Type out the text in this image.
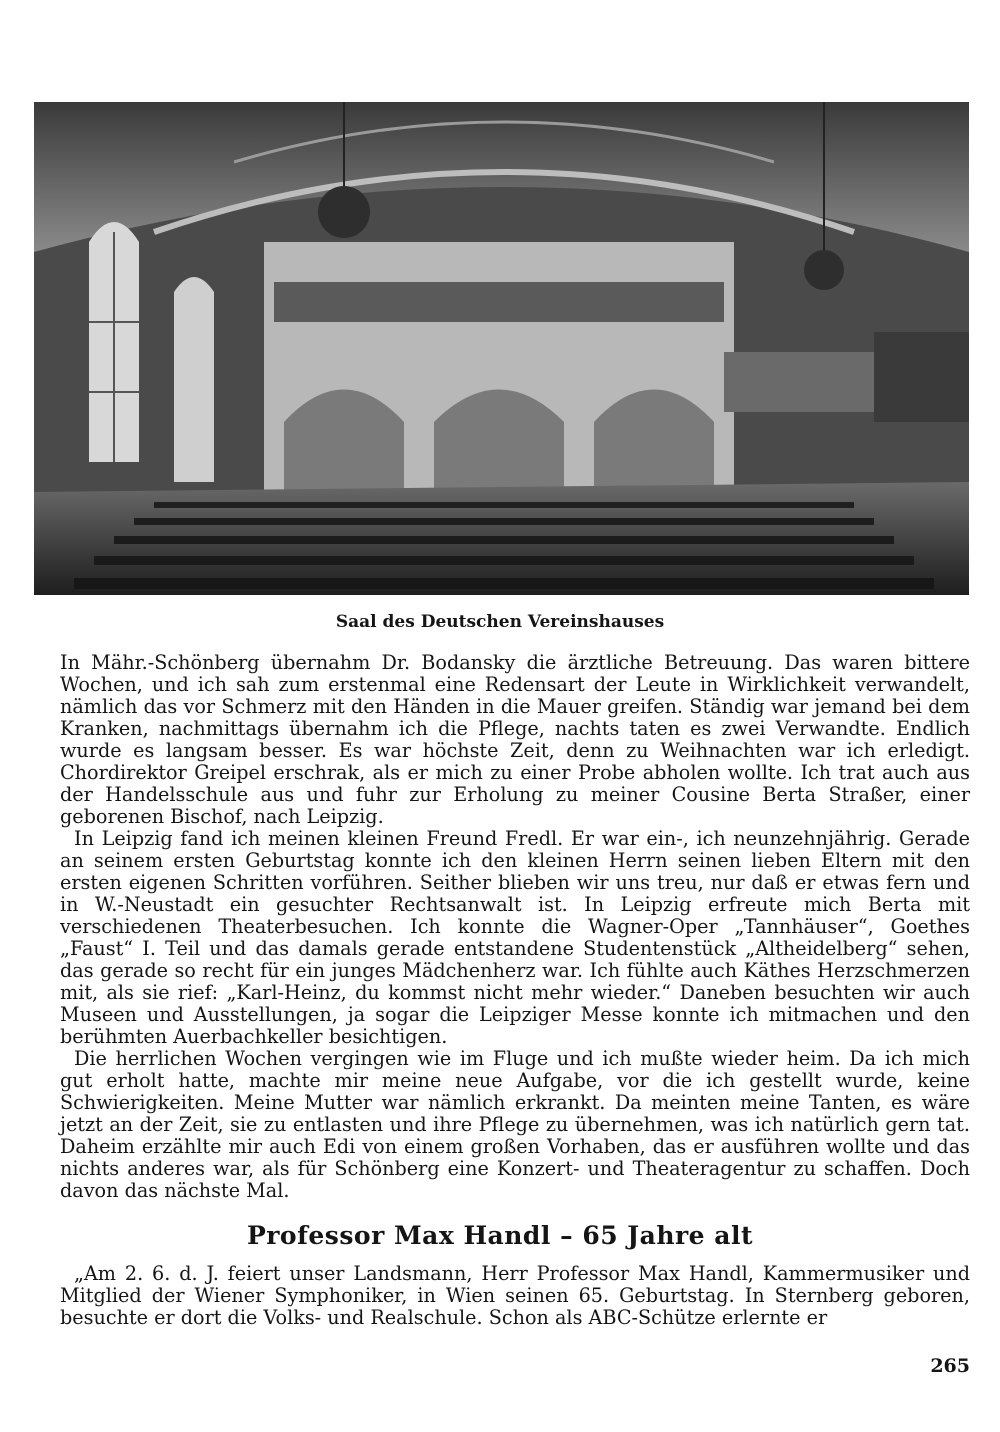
Saal des Deutschen Vereinshauses

In Mähr.-Schönberg übernahm Dr. Bodansky die ärztliche Betreuung. Das waren bittere Wochen, und ich sah zum erstenmal eine Redensart der Leute in Wirklichkeit verwandelt, nämlich das vor Schmerz mit den Händen in die Mauer greifen. Ständig war jemand bei dem Kranken, nachmittags übernahm ich die Pflege, nachts taten es zwei Verwandte. Endlich wurde es langsam besser. Es war höchste Zeit, denn zu Weihnachten war ich erledigt. Chordirektor Greipel erschrak, als er mich zu einer Probe abholen wollte. Ich trat auch aus der Handelsschule aus und fuhr zur Erholung zu meiner Cousine Berta Straßer, einer geborenen Bischof, nach Leipzig.

In Leipzig fand ich meinen kleinen Freund Fredl. Er war ein-, ich neunzehnjährig. Gerade an seinem ersten Geburtstag konnte ich den kleinen Herrn seinen lieben Eltern mit den ersten eigenen Schritten vorführen. Seither blieben wir uns treu, nur daß er etwas fern und in W.-Neustadt ein gesuchter Rechtsanwalt ist. In Leipzig erfreute mich Berta mit verschiedenen Theaterbesuchen. Ich konnte die Wagner-Oper „Tannhäuser“, Goethes „Faust“ I. Teil und das damals gerade entstandene Studentenstück „Altheidelberg“ sehen, das gerade so recht für ein junges Mädchenherz war. Ich fühlte auch Käthes Herzschmerzen mit, als sie rief: „Karl-Heinz, du kommst nicht mehr wieder.“ Daneben besuchten wir auch Museen und Ausstellungen, ja sogar die Leipziger Messe konnte ich mitmachen und den berühmten Auerbachkeller besichtigen.

Die herrlichen Wochen vergingen wie im Fluge und ich mußte wieder heim. Da ich mich gut erholt hatte, machte mir meine neue Aufgabe, vor die ich gestellt wurde, keine Schwierigkeiten. Meine Mutter war nämlich erkrankt. Da meinten meine Tanten, es wäre jetzt an der Zeit, sie zu entlasten und ihre Pflege zu übernehmen, was ich natürlich gern tat. Daheim erzählte mir auch Edi von einem großen Vorhaben, das er ausführen wollte und das nichts anderes war, als für Schönberg eine Konzert- und Theateragentur zu schaffen. Doch davon das nächste Mal.

Professor Max Handl – 65 Jahre alt

„Am 2. 6. d. J. feiert unser Landsmann, Herr Professor Max Handl, Kammermusiker und Mitglied der Wiener Symphoniker, in Wien seinen 65. Geburtstag. In Sternberg geboren, besuchte er dort die Volks- und Realschule. Schon als ABC-Schütze erlernte er

265
